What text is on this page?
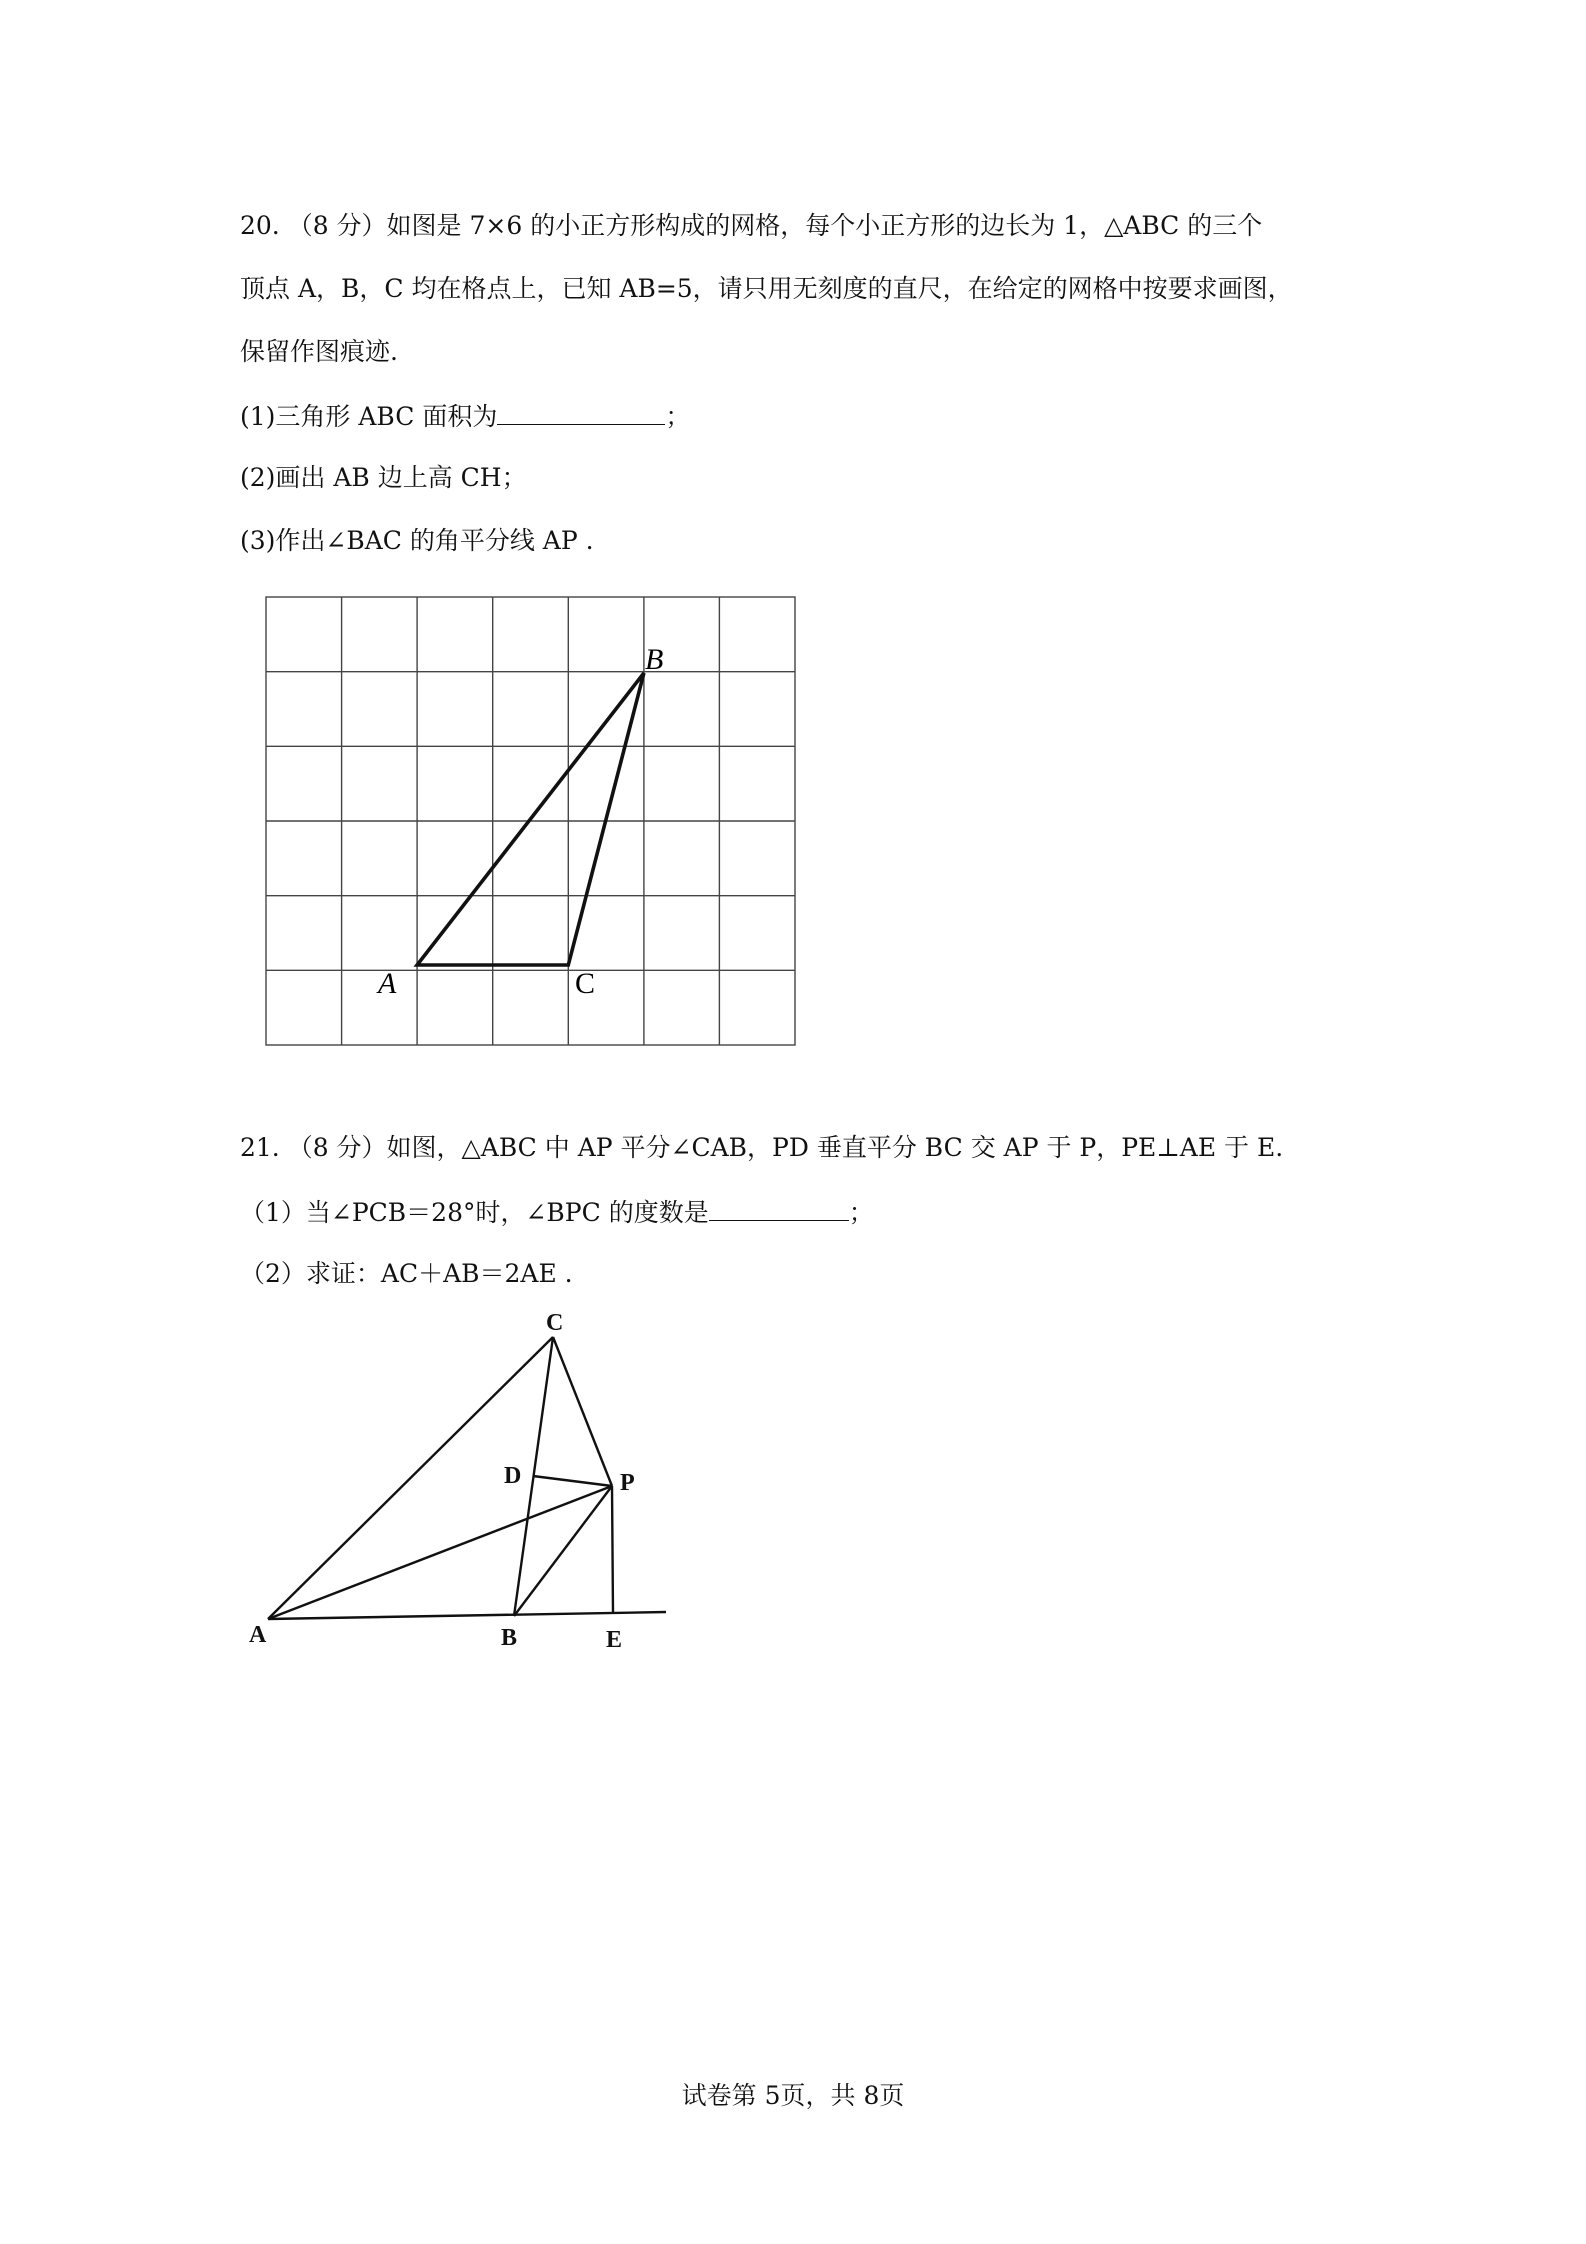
20. （8 分）如图是 7×6 的小正方形构成的网格，每个小正方形的边长为 1，△ABC 的三个
顶点 A，B，C 均在格点上，已知 AB=5，请只用无刻度的直尺，在给定的网格中按要求画图，
保留作图痕迹.
(1)三角形 ABC 面积为	；
(2)画出 AB 边上高 CH；
(3)作出∠BAC 的角平分线 AP .
A
B
C
C
D	P
A	B	E
21. （8 分）如图，△ABC 中 AP 平分∠CAB，PD 垂直平分 BC 交 AP 于 P，PE⊥AE 于 E.
（1）当∠PCB＝28°时，∠BPC 的度数是	；
（2）求证：AC＋AB＝2AE .
试卷第 5页，共 8页
